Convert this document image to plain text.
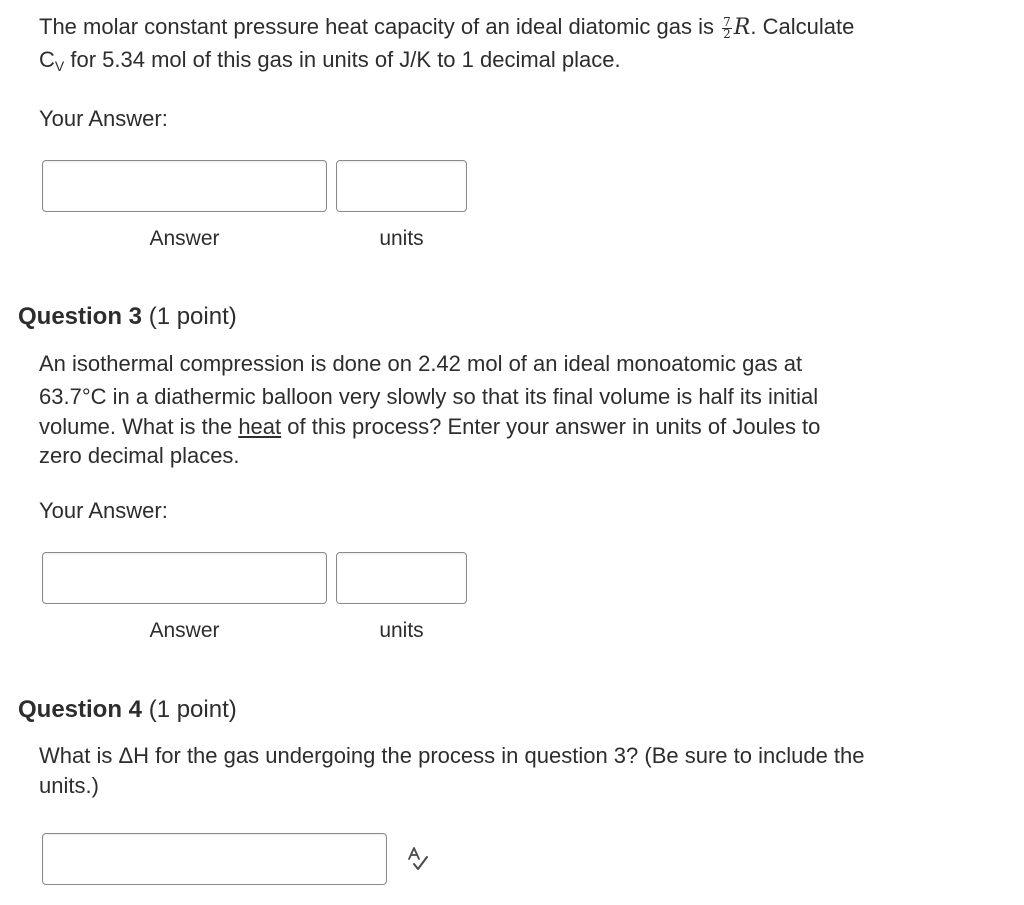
The molar constant pressure heat capacity of an ideal diatomic gas is $\frac{7}{2} R$. Calculate
$C_V$ for 5.34 mol of this gas in units of J/K to 1 decimal place.
Your Answer:
Answer	units
Question 3 (1 point)
An isothermal compression is done on 2.42 mol of an ideal monoatomic gas at
63.7°C in a diathermic balloon very slowly so that its final volume is half its initial
volume. What is the heat of this process? Enter your answer in units of Joules to
zero decimal places.
Your Answer:
Answer	units
Question 4 (1 point)
What is ΔH for the gas undergoing the process in question 3? (Be sure to include the
units.)
